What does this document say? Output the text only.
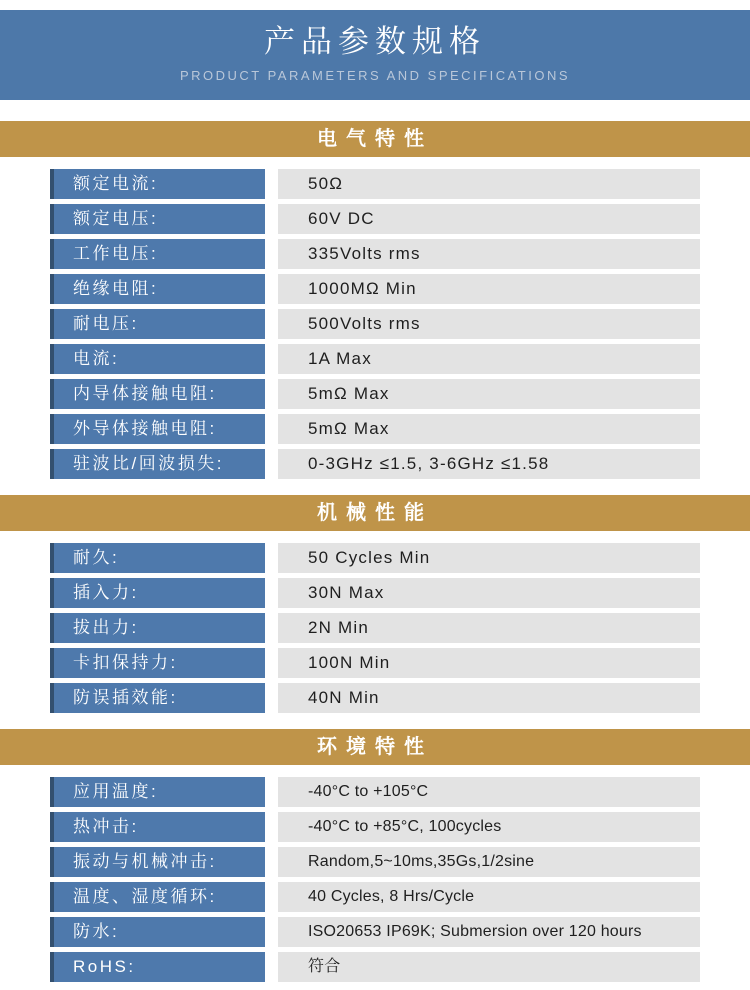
产品参数规格
PRODUCT PARAMETERS AND SPECIFICATIONS
电气特性
额定电流:	50Ω
额定电压:	60V DC
工作电压:	335Volts rms
绝缘电阻:	1000MΩ Min
耐电压:	500Volts rms
电流:	1A Max
内导体接触电阻:	5mΩ Max
外导体接触电阻:	5mΩ Max
驻波比/回波损失:	0-3GHz ≤1.5, 3-6GHz ≤1.58
机械性能
耐久:	50 Cycles Min
插入力:	30N Max
拔出力:	2N Min
卡扣保持力:	100N Min
防误插效能:	40N Min
环境特性
应用温度:	-40°C to +105°C
热冲击:	-40°C to +85°C, 100cycles
振动与机械冲击:	Random,5~10ms,35Gs,1/2sine
温度、湿度循环:	40 Cycles, 8 Hrs/Cycle
防水:	ISO20653 IP69K; Submersion over 120 hours
RoHS:	符合
